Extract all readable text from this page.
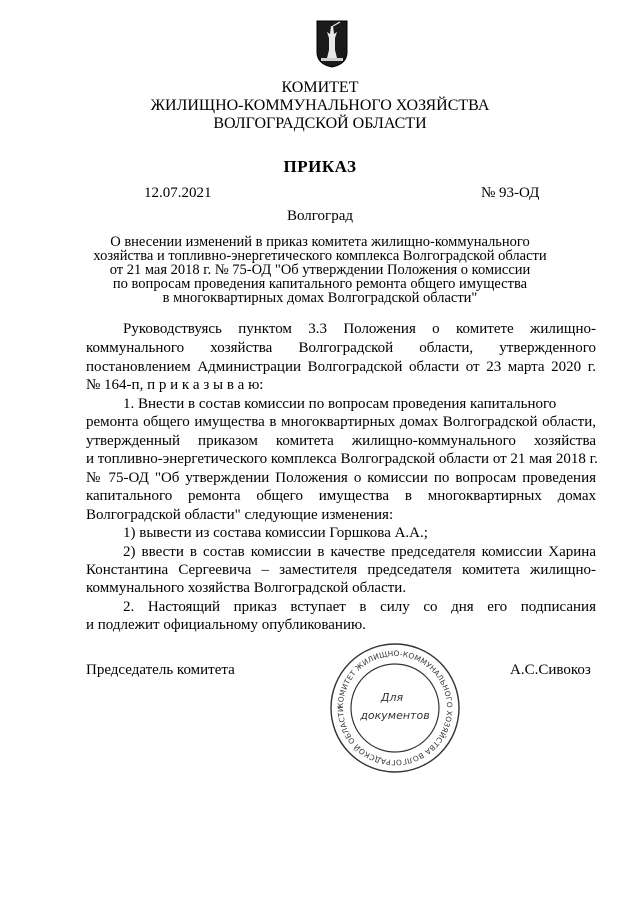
КОМИТЕТ
ЖИЛИЩНО-КОММУНАЛЬНОГО ХОЗЯЙСТВА
ВОЛГОГРАДСКОЙ ОБЛАСТИ
ПРИКАЗ
12.07.2021	№ 93-ОД
Волгоград
О внесении изменений в приказ комитета жилищно-коммунального
хозяйства и топливно-энергетического комплекса Волгоградской области
от 21 мая 2018 г. № 75-ОД "Об утверждении Положения о комиссии
по вопросам проведения капитального ремонта общего имущества
в многоквартирных домах Волгоградской области"
Руководствуясь пунктом 3.3 Положения о комитете жилищно-
коммунального хозяйства Волгоградской области, утвержденного
постановлением Администрации Волгоградской области от 23 марта 2020 г.
№ 164-п, п р и к а з ы в а ю:
1. Внести в состав комиссии по вопросам проведения капитального
ремонта общего имущества в многоквартирных домах Волгоградской области,
утвержденный приказом комитета жилищно-коммунального хозяйства
и топливно-энергетического комплекса Волгоградской области от 21 мая 2018 г.
№ 75-ОД "Об утверждении Положения о комиссии по вопросам проведения
капитального ремонта общего имущества в многоквартирных домах
Волгоградской области" следующие изменения:
1) вывести из состава комиссии Горшкова А.А.;
2) ввести в состав комиссии в качестве председателя комиссии Харина
Константина Сергеевича – заместителя председателя комитета жилищно-
коммунального хозяйства Волгоградской области.
2. Настоящий приказ вступает в силу со дня его подписания
и подлежит официальному опубликованию.
Председатель комитета	А.С.Сивокоз
КОМИТЕТ ЖИЛИЩНО-КОММУНАЛЬНОГО ХОЗЯЙСТВА ВОЛГОГРАДСКОЙ ОБЛАСТИ
Для
документов
